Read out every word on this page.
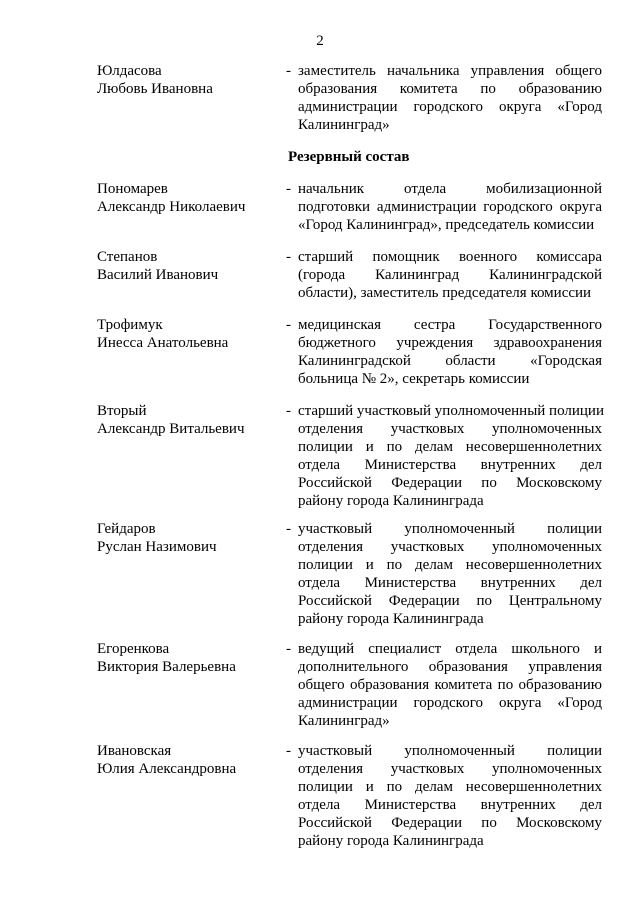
2
Юлдасова
Любовь Ивановна
- заместитель начальника управления общего
образования комитета по образованию
администрации городского округа «Город
Калининград»
Резервный состав
Пономарев
Александр Николаевич
- начальник отдела мобилизационной
подготовки администрации городского округа
«Город Калининград», председатель комиссии
Степанов
Василий Иванович
- старший помощник военного комиссара
(города Калининград Калининградской
области), заместитель председателя комиссии
Трофимук
Инесса Анатольевна
- медицинская сестра Государственного
бюджетного учреждения здравоохранения
Калининградской области «Городская
больница № 2», секретарь комиссии
Вторый
Александр Витальевич
- старший участковый уполномоченный полиции
отделения участковых уполномоченных
полиции и по делам несовершеннолетних
отдела Министерства внутренних дел
Российской Федерации по Московскому
району города Калининграда
Гейдаров
Руслан Назимович
- участковый уполномоченный полиции
отделения участковых уполномоченных
полиции и по делам несовершеннолетних
отдела Министерства внутренних дел
Российской Федерации по Центральному
району города Калининграда
Егоренкова
Виктория Валерьевна
- ведущий специалист отдела школьного и
дополнительного образования управления
общего образования комитета по образованию
администрации городского округа «Город
Калининград»
Ивановская
Юлия Александровна
- участковый уполномоченный полиции
отделения участковых уполномоченных
полиции и по делам несовершеннолетних
отдела Министерства внутренних дел
Российской Федерации по Московскому
району города Калининграда
